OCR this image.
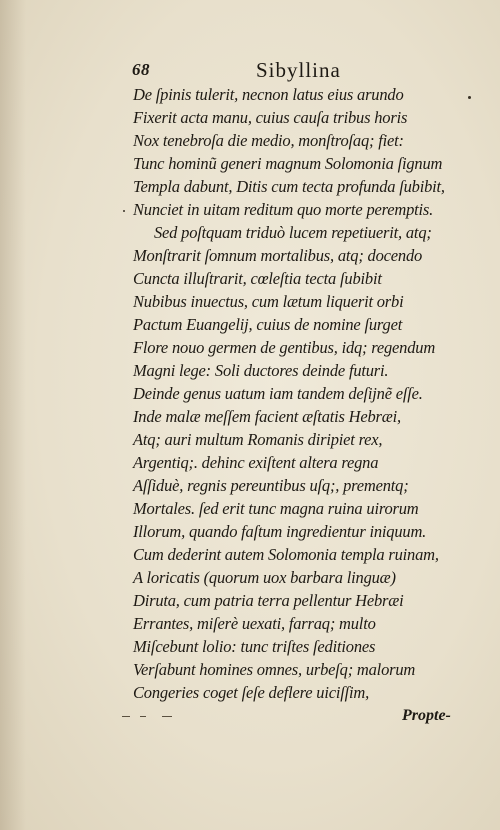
68	Sibyllina
De ſpinis tulerit, necnon latus eius arundo
Fixerit acta manu, cuius cauſa tribus horis
Nox tenebroſa die medio, monſtroſaq; fiet:
Tunc hominũ generi magnum Solomonia ſignum
Templa dabunt, Ditis cum tecta profunda ſubibit,
Nunciet in uitam reditum quo morte peremptis.
Sed poſtquam triduò lucem repetiuerit, atq;
Monſtrarit ſomnum mortalibus, atq; docendo
Cuncta illuſtrarit, cœleſtia tecta ſubibit
Nubibus inuectus, cum lætum liquerit orbi
Pactum Euangelij, cuius de nomine ſurget
Flore nouo germen de gentibus, idq; regendum
Magni lege: Soli ductores deinde futuri.
Deinde genus uatum iam tandem deſijnẽ eſſe.
Inde malæ meſſem facient æſtatis Hebræi,
Atq; auri multum Romanis diripiet rex,
Argentiq;. dehinc exiſtent altera regna
Aſſiduè, regnis pereuntibus uſq;, prementq;
Mortales. ſed erit tunc magna ruina uirorum
Illorum, quando faſtum ingredientur iniquum.
Cum dederint autem Solomonia templa ruinam,
A loricatis (quorum uox barbara linguæ)
Diruta, cum patria terra pellentur Hebræi
Errantes, miſerè uexati, farraq; multo
Miſcebunt lolio: tunc triſtes ſeditiones
Verſabunt homines omnes, urbeſq; malorum
Congeries coget ſeſe deflere uiciſſim,
Propte-
